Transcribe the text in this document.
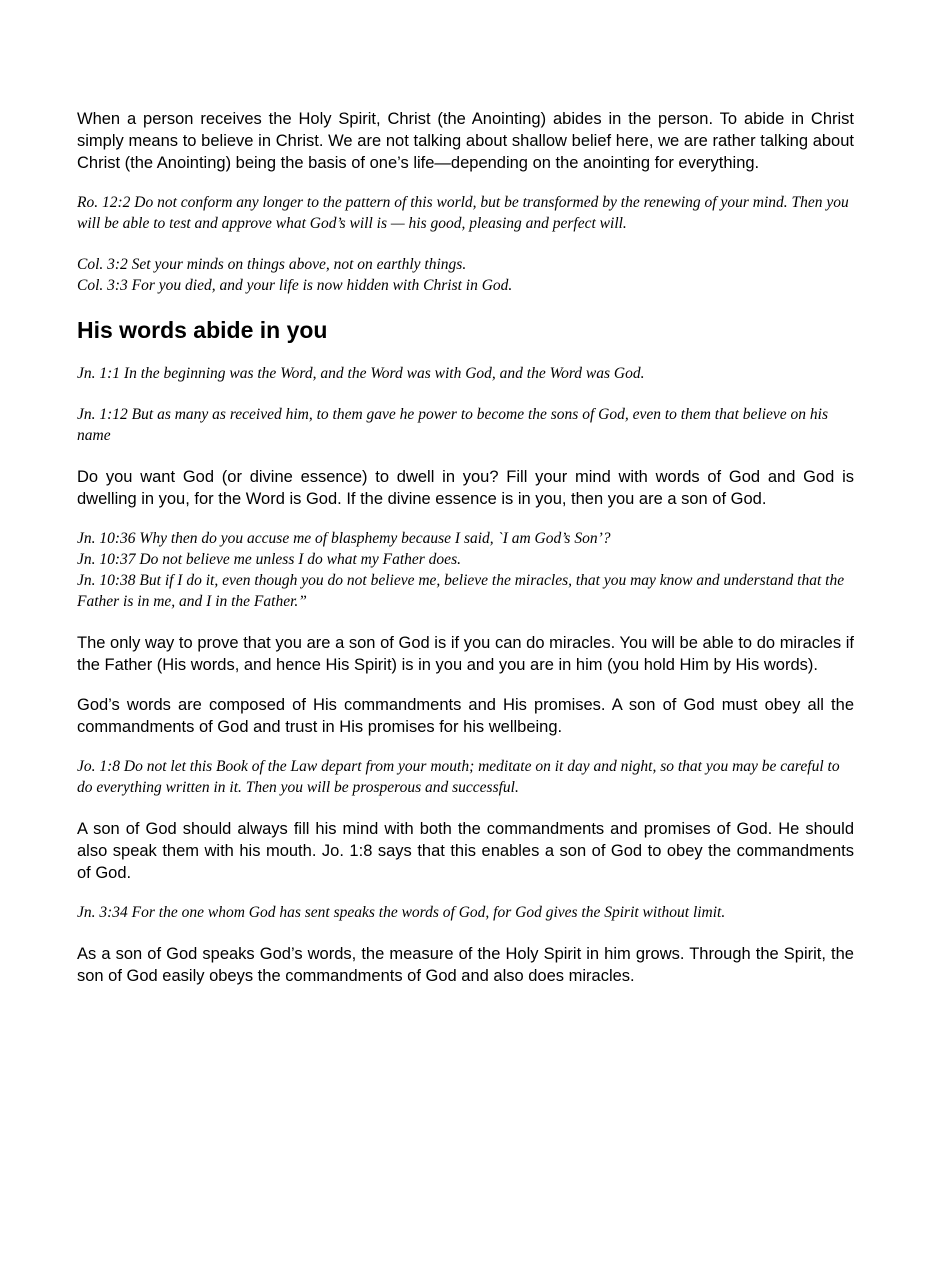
When a person receives the Holy Spirit, Christ (the Anointing) abides in the person. To abide in Christ simply means to believe in Christ. We are not talking about shallow belief here, we are rather talking about Christ (the Anointing) being the basis of one’s life—depending on the anointing for everything.

Ro. 12:2 Do not conform any longer to the pattern of this world, but be transformed by the renewing of your mind. Then you will be able to test and approve what God’s will is — his good, pleasing and perfect will.

Col. 3:2 Set your minds on things above, not on earthly things.
Col. 3:3 For you died, and your life is now hidden with Christ in God.

His words abide in you

Jn. 1:1 In the beginning was the Word, and the Word was with God, and the Word was God.

Jn. 1:12 But as many as received him, to them gave he power to become the sons of God, even to them that believe on his name

Do you want God (or divine essence) to dwell in you? Fill your mind with words of God and God is dwelling in you, for the Word is God. If the divine essence is in you, then you are a son of God.

Jn. 10:36 Why then do you accuse me of blasphemy because I said, `I am God’s Son’?
Jn. 10:37 Do not believe me unless I do what my Father does.
Jn. 10:38 But if I do it, even though you do not believe me, believe the miracles, that you may know and understand that the Father is in me, and I in the Father.”

The only way to prove that you are a son of God is if you can do miracles. You will be able to do miracles if the Father (His words, and hence His Spirit) is in you and you are in him (you hold Him by His words).

God’s words are composed of His commandments and His promises. A son of God must obey all the commandments of God and trust in His promises for his wellbeing.

Jo. 1:8 Do not let this Book of the Law depart from your mouth; meditate on it day and night, so that you may be careful to do everything written in it. Then you will be prosperous and successful.

A son of God should always fill his mind with both the commandments and promises of God. He should also speak them with his mouth. Jo. 1:8 says that this enables a son of God to obey the commandments of God.

Jn. 3:34 For the one whom God has sent speaks the words of God, for God gives the Spirit without limit.

As a son of God speaks God’s words, the measure of the Holy Spirit in him grows. Through the Spirit, the son of God easily obeys the commandments of God and also does miracles.
